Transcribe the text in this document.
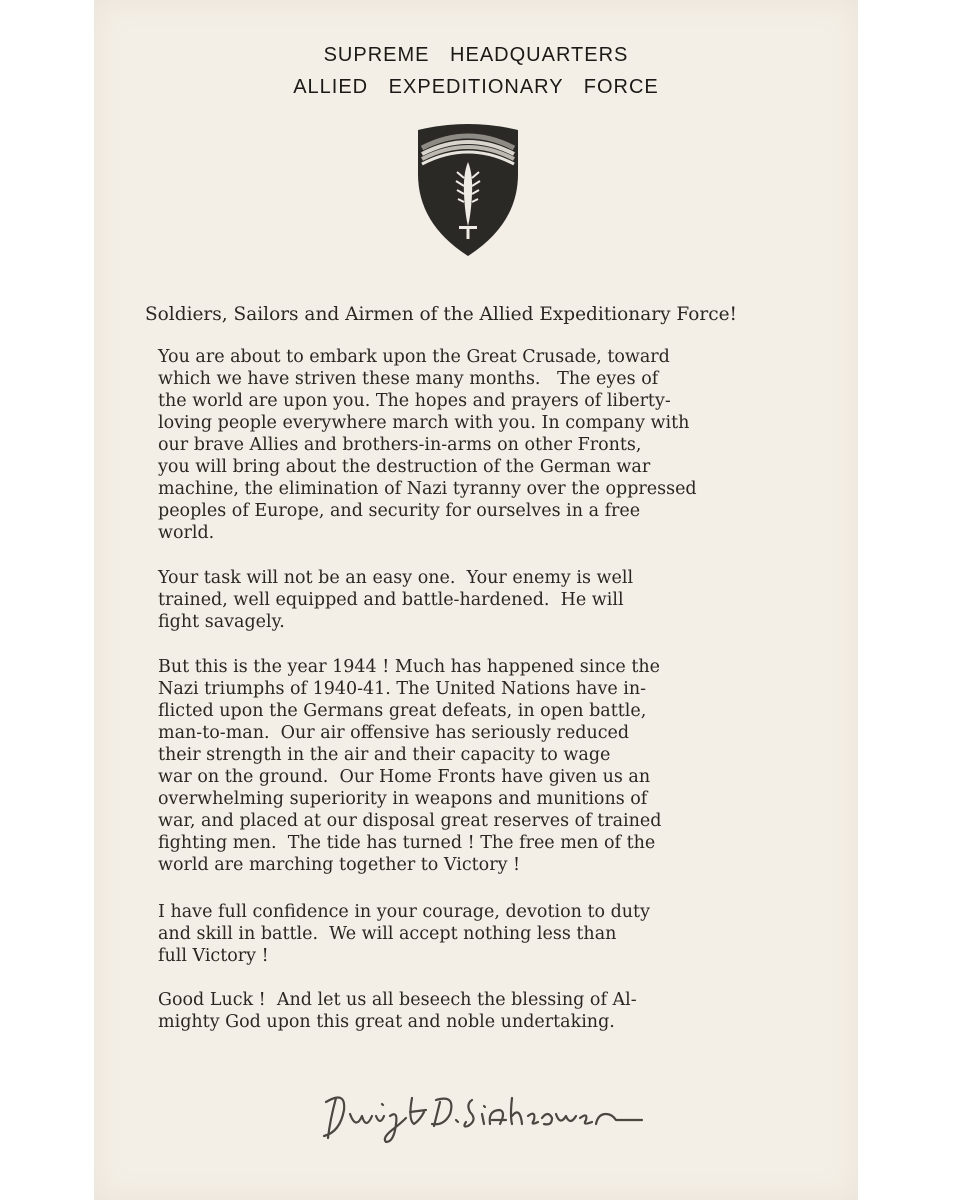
SUPREME HEADQUARTERS
ALLIED EXPEDITIONARY FORCE
Soldiers, Sailors and Airmen of the Allied Expeditionary Force!
You are about to embark upon the Great Crusade, toward
which we have striven these many months.   The eyes of
the world are upon you. The hopes and prayers of liberty-
loving people everywhere march with you. In company with
our brave Allies and brothers-in-arms on other Fronts,
you will bring about the destruction of the German war
machine, the elimination of Nazi tyranny over the oppressed
peoples of Europe, and security for ourselves in a free
world.
Your task will not be an easy one.  Your enemy is well
trained, well equipped and battle-hardened.  He will
fight savagely.
But this is the year 1944 ! Much has happened since the
Nazi triumphs of 1940-41. The United Nations have in-
flicted upon the Germans great defeats, in open battle,
man-to-man.  Our air offensive has seriously reduced
their strength in the air and their capacity to wage
war on the ground.  Our Home Fronts have given us an
overwhelming superiority in weapons and munitions of
war, and placed at our disposal great reserves of trained
fighting men.  The tide has turned ! The free men of the
world are marching together to Victory !
I have full confidence in your courage, devotion to duty
and skill in battle.  We will accept nothing less than
full Victory !
Good Luck !  And let us all beseech the blessing of Al-
mighty God upon this great and noble undertaking.
